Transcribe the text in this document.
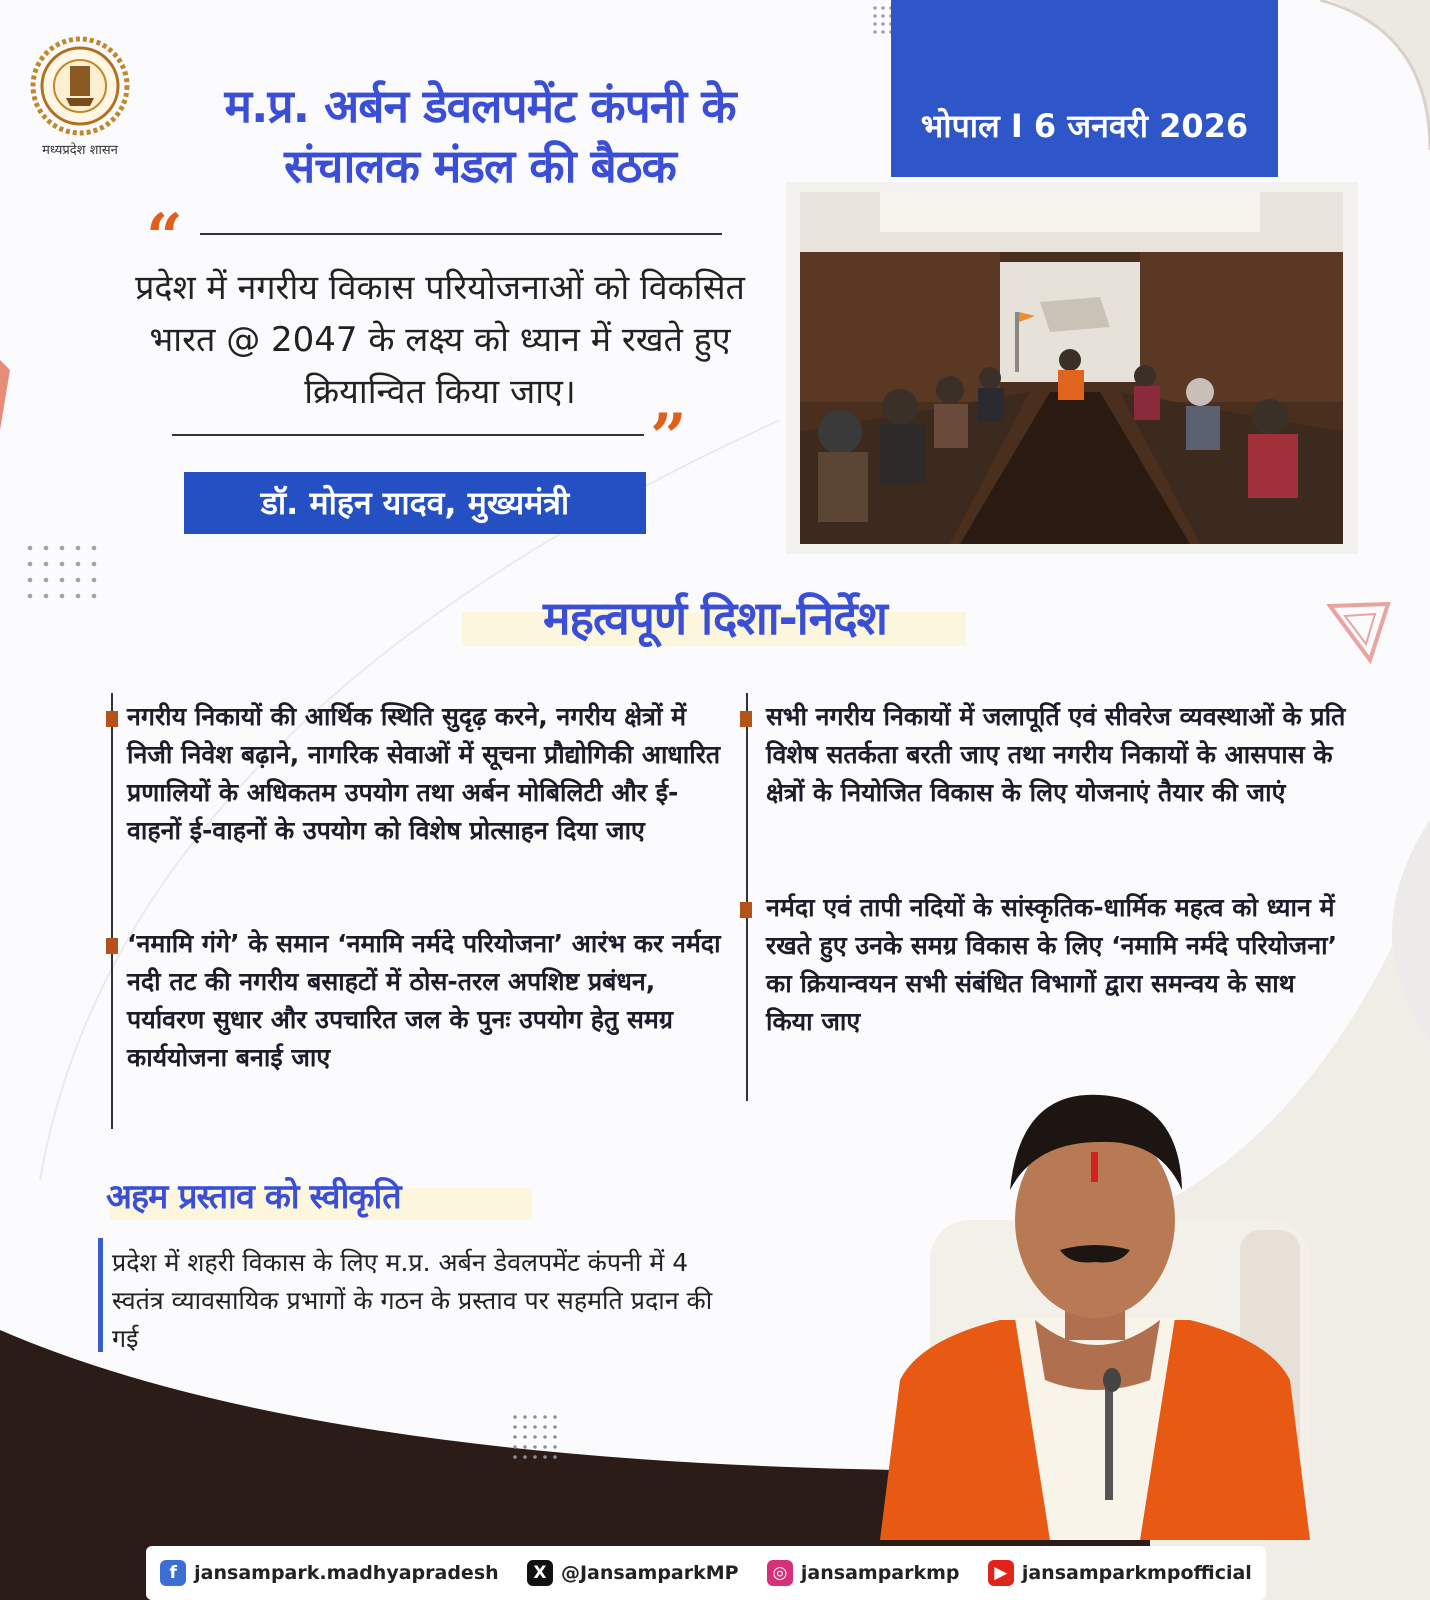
मध्यप्रदेश शासन
म.प्र. अर्बन डेवलपमेंट कंपनी के
संचालक मंडल की बैठक
भोपाल I 6 जनवरी 2026
“
प्रदेश में नगरीय विकास परियोजनाओं को विकसित भारत @ 2047 के लक्ष्य को ध्यान में रखते हुए क्रियान्वित किया जाए।
”
डॉ. मोहन यादव, मुख्यमंत्री
महत्वपूर्ण दिशा-निर्देश
नगरीय निकायों की आर्थिक स्थिति सुदृढ़ करने, नगरीय क्षेत्रों में निजी निवेश बढ़ाने, नागरिक सेवाओं में सूचना प्रौद्योगिकी आधारित प्रणालियों के अधिकतम उपयोग तथा अर्बन मोबिलिटी और ई-वाहनों ई-वाहनों के उपयोग को विशेष प्रोत्साहन दिया जाए
‘नमामि गंगे’ के समान ‘नमामि नर्मदे परियोजना’ आरंभ कर नर्मदा नदी तट की नगरीय बसाहटों में ठोस-तरल अपशिष्ट प्रबंधन, पर्यावरण सुधार और उपचारित जल के पुनः उपयोग हेतु समग्र कार्ययोजना बनाई जाए
सभी नगरीय निकायों में जलापूर्ति एवं सीवरेज व्यवस्थाओं के प्रति विशेष सतर्कता बरती जाए तथा नगरीय निकायों के आसपास के क्षेत्रों के नियोजित विकास के लिए योजनाएं तैयार की जाएं
नर्मदा एवं तापी नदियों के सांस्कृतिक-धार्मिक महत्व को ध्यान में रखते हुए उनके समग्र विकास के लिए ‘नमामि नर्मदे परियोजना’ का क्रियान्वयन सभी संबंधित विभागों द्वारा समन्वय के साथ किया जाए
अहम प्रस्ताव को स्वीकृति
प्रदेश में शहरी विकास के लिए म.प्र. अर्बन डेवलपमेंट कंपनी में 4 स्वतंत्र व्यावसायिक प्रभागों के गठन के प्रस्ताव पर सहमति प्रदान की गई
f jansampark.madhyapradesh	X @JansamparkMP	◎ jansamparkmp	▶ jansamparkmpofficial
